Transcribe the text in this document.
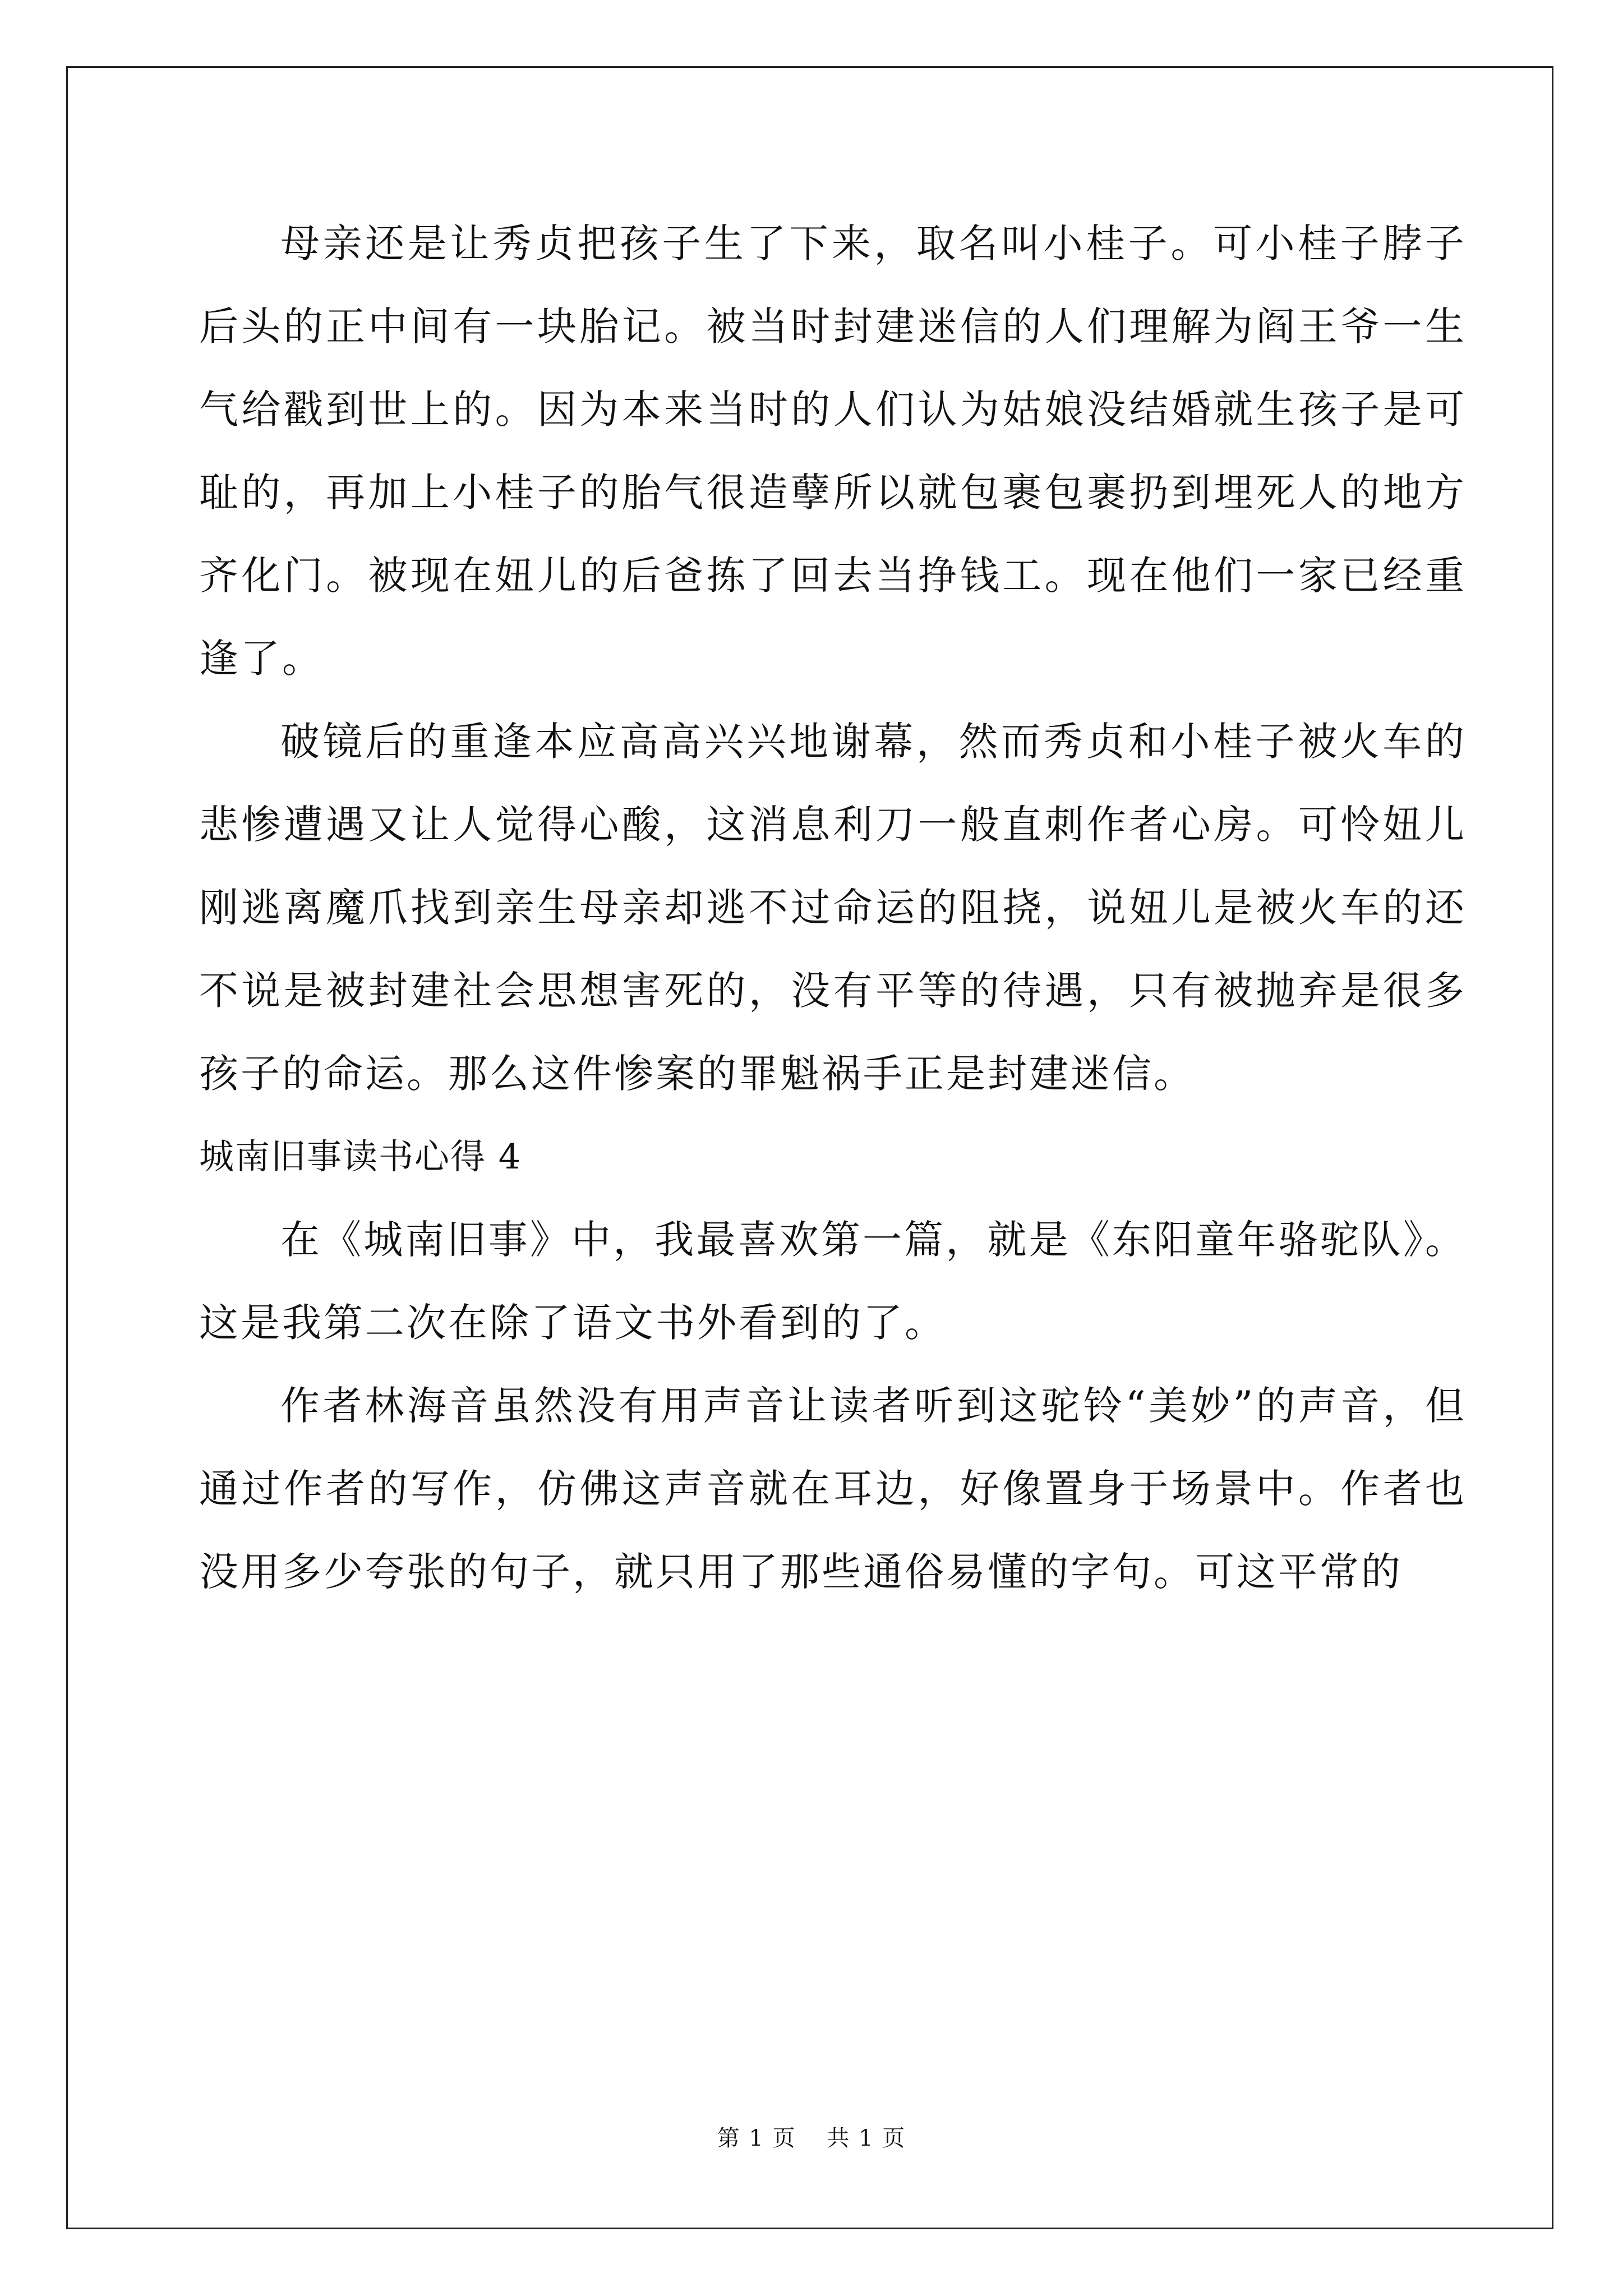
母亲还是让秀贞把孩子生了下来，取名叫小桂子。可小桂子脖子后头的正中间有一块胎记。被当时封建迷信的人们理解为阎王爷一生气给戳到世上的。因为本来当时的人们认为姑娘没结婚就生孩子是可耻的，再加上小桂子的胎气很造孽所以就包裹包裹扔到埋死人的地方齐化门。被现在妞儿的后爸拣了回去当挣钱工。现在他们一家已经重逢了。

破镜后的重逢本应高高兴兴地谢幕，然而秀贞和小桂子被火车的悲惨遭遇又让人觉得心酸，这消息利刀一般直刺作者心房。可怜妞儿刚逃离魔爪找到亲生母亲却逃不过命运的阻挠，说妞儿是被火车的还不说是被封建社会思想害死的，没有平等的待遇，只有被抛弃是很多孩子的命运。那么这件惨案的罪魁祸手正是封建迷信。

城南旧事读书心得 4

在《城南旧事》中，我最喜欢第一篇，就是《东阳童年骆驼队》。这是我第二次在除了语文书外看到的了。

作者林海音虽然没有用声音让读者听到这驼铃“美妙”的声音，但通过作者的写作，仿佛这声音就在耳边，好像置身于场景中。作者也没用多少夸张的句子，就只用了那些通俗易懂的字句。可这平常的

第 1 页 共 1 页
